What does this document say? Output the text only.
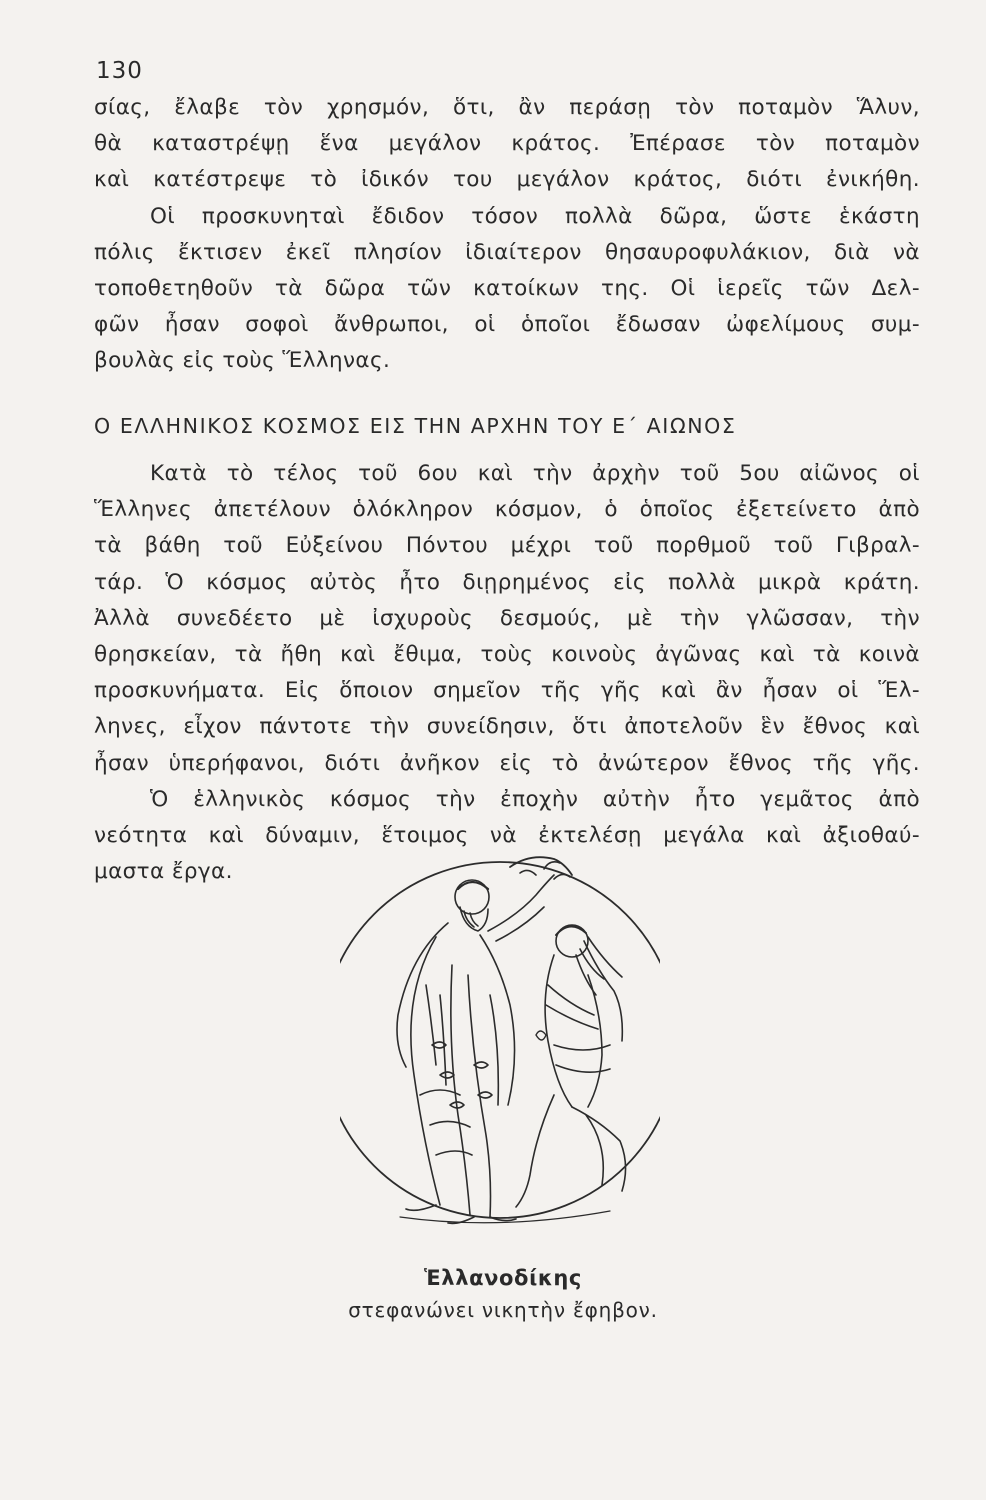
130
σίας, ἔλαβε τὸν χρησμόν, ὅτι, ἂν περάσῃ τὸν ποταμὸν Ἅλυν,
θὰ καταστρέψῃ ἕνα μεγάλον κράτος. Ἐπέρασε τὸν ποταμὸν
καὶ κατέστρεψε τὸ ἰδικόν του μεγάλον κράτος, διότι ἐνικήθη.
Οἱ προσκυνηταὶ ἔδιδον τόσον πολλὰ δῶρα, ὥστε ἑκάστη
πόλις ἔκτισεν ἐκεῖ πλησίον ἰδιαίτερον θησαυροφυλάκιον, διὰ νὰ
τοποθετηθοῦν τὰ δῶρα τῶν κατοίκων της. Οἱ ἱερεῖς τῶν Δελ-
φῶν ἦσαν σοφοὶ ἄνθρωποι, οἱ ὁποῖοι ἔδωσαν ὠφελίμους συμ-
βουλὰς εἰς τοὺς Ἕλληνας.
Ο ΕΛΛΗΝΙΚΟΣ ΚΟΣΜΟΣ ΕΙΣ ΤΗΝ ΑΡΧΗΝ ΤΟΥ Ε΄ ΑΙΩΝΟΣ
Κατὰ τὸ τέλος τοῦ 6ου καὶ τὴν ἀρχὴν τοῦ 5ου αἰῶνος οἱ
Ἕλληνες ἀπετέλουν ὁλόκληρον κόσμον, ὁ ὁποῖος ἐξετείνετο ἀπὸ
τὰ βάθη τοῦ Εὐξείνου Πόντου μέχρι τοῦ πορθμοῦ τοῦ Γιβραλ-
τάρ. Ὁ κόσμος αὐτὸς ἦτο διῃρημένος εἰς πολλὰ μικρὰ κράτη.
Ἀλλὰ συνεδέετο μὲ ἰσχυροὺς δεσμούς, μὲ τὴν γλῶσσαν, τὴν
θρησκείαν, τὰ ἤθη καὶ ἔθιμα, τοὺς κοινοὺς ἀγῶνας καὶ τὰ κοινὰ
προσκυνήματα. Εἰς ὅποιον σημεῖον τῆς γῆς καὶ ἂν ἦσαν οἱ Ἕλ-
ληνες, εἶχον πάντοτε τὴν συνείδησιν, ὅτι ἀποτελοῦν ἓν ἔθνος καὶ
ἦσαν ὑπερήφανοι, διότι ἀνῆκον εἰς τὸ ἀνώτερον ἔθνος τῆς γῆς.
Ὁ ἑλληνικὸς κόσμος τὴν ἐποχὴν αὐτὴν ἦτο γεμᾶτος ἀπὸ
νεότητα καὶ δύναμιν, ἕτοιμος νὰ ἐκτελέσῃ μεγάλα καὶ ἀξιοθαύ-
μαστα ἔργα.
Ἑλλανοδίκης
στεφανώνει νικητὴν ἔφηβον.
